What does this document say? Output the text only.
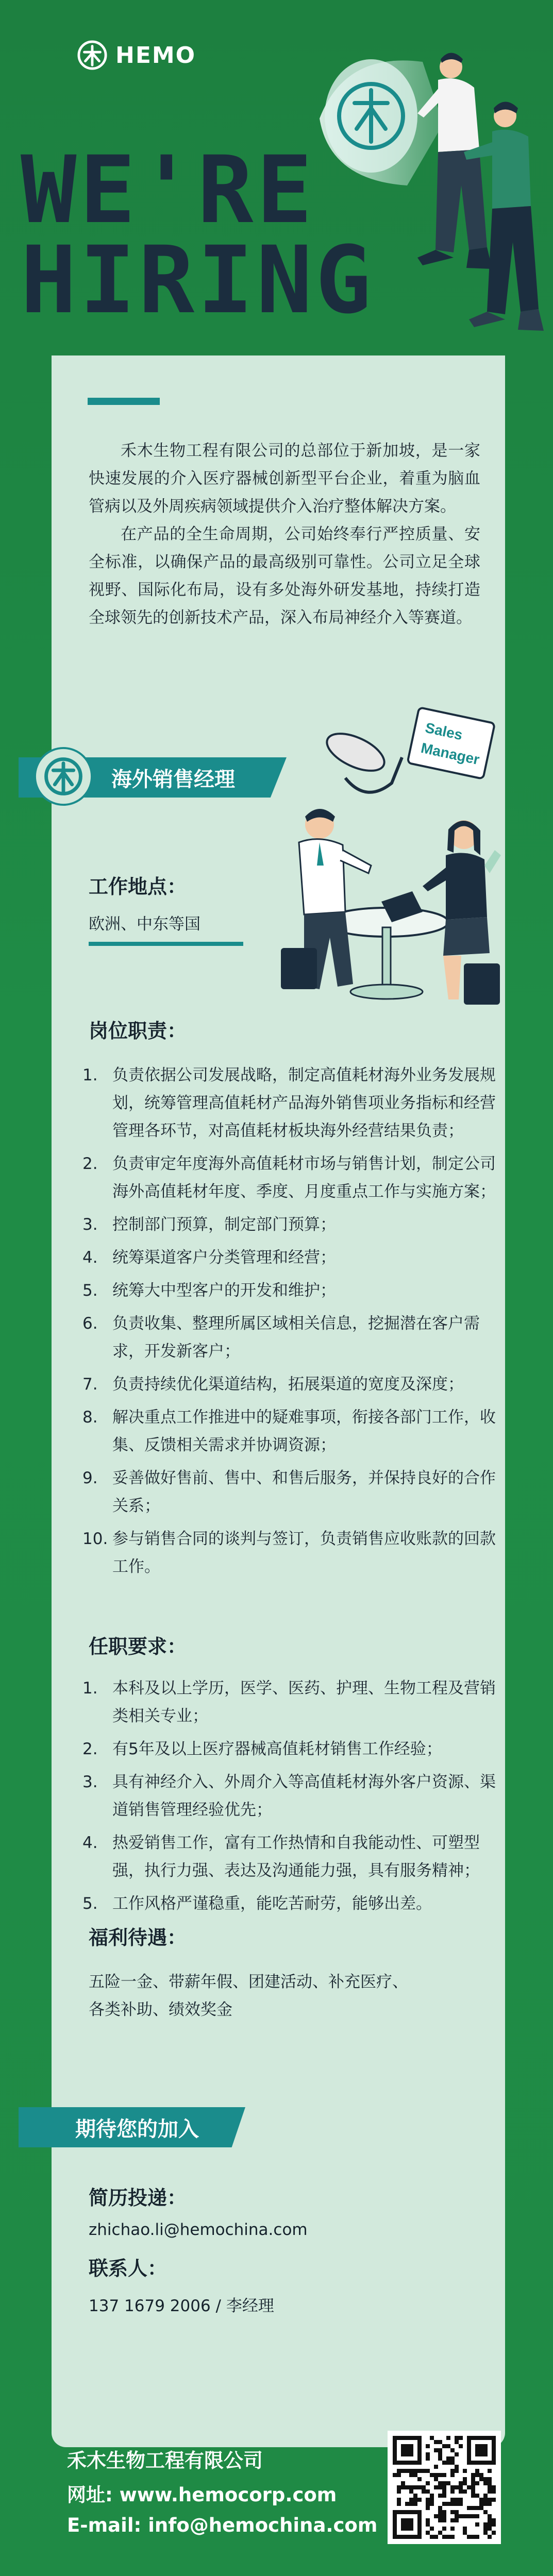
HEMO
WE'RE
HIRING

禾木生物工程有限公司的总部位于新加坡，是一家快速发展的介入医疗器械创新型平台企业，着重为脑血管病以及外周疾病领域提供介入治疗整体解决方案。

在产品的全生命周期，公司始终奉行严控质量、安全标准，以确保产品的最高级别可靠性。公司立足全球视野、国际化布局，设有多处海外研发基地，持续打造全球领先的创新技术产品，深入布局神经介入等赛道。

Sales
Manager
海外销售经理
工作地点：
欧洲、中东等国
岗位职责：
1. 负责依据公司发展战略，制定高值耗材海外业务发展规划，统筹管理高值耗材产品海外销售项业务指标和经营管理各环节，对高值耗材板块海外经营结果负责；
2. 负责审定年度海外高值耗材市场与销售计划，制定公司海外高值耗材年度、季度、月度重点工作与实施方案；
3. 控制部门预算，制定部门预算；
4. 统筹渠道客户分类管理和经营；
5. 统筹大中型客户的开发和维护；
6. 负责收集、整理所属区域相关信息，挖掘潜在客户需求，开发新客户；
7. 负责持续优化渠道结构，拓展渠道的宽度及深度；
8. 解决重点工作推进中的疑难事项，衔接各部门工作，收集、反馈相关需求并协调资源；
9. 妥善做好售前、售中、和售后服务，并保持良好的合作关系；
10. 参与销售合同的谈判与签订，负责销售应收账款的回款工作。
任职要求：
1. 本科及以上学历，医学、医药、护理、生物工程及营销类相关专业；
2. 有5年及以上医疗器械高值耗材销售工作经验；
3. 具有神经介入、外周介入等高值耗材海外客户资源、渠道销售管理经验优先；
4. 热爱销售工作，富有工作热情和自我能动性、可塑型强，执行力强、表达及沟通能力强，具有服务精神；
5. 工作风格严谨稳重，能吃苦耐劳，能够出差。
福利待遇：
五险一金、带薪年假、团建活动、补充医疗、
各类补助、绩效奖金
期待您的加入
简历投递：
zhichao.li@hemochina.com
联系人：
137 1679 2006 / 李经理
禾木生物工程有限公司
网址: www.hemocorp.com
E-mail: info@hemochina.com
